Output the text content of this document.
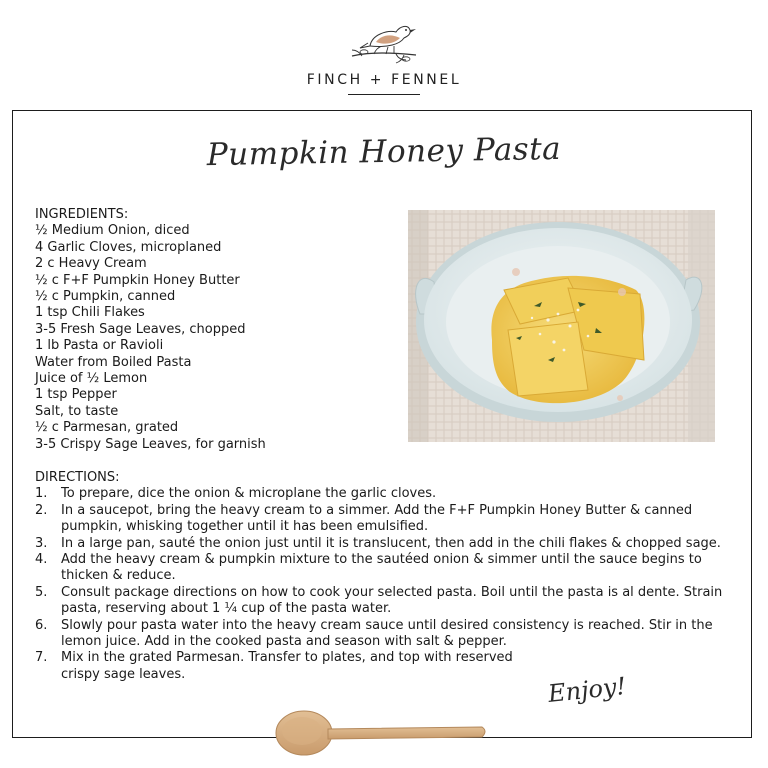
FINCH + FENNEL
Pumpkin Honey Pasta
INGREDIENTS:
½ Medium Onion, diced
4 Garlic Cloves, microplaned
2 c Heavy Cream
½ c F+F Pumpkin Honey Butter
½ c Pumpkin, canned
1 tsp Chili Flakes
3-5 Fresh Sage Leaves, chopped
1 lb Pasta or Ravioli
Water from Boiled Pasta
Juice of ½ Lemon
1 tsp Pepper
Salt, to taste
½ c Parmesan, grated
3-5 Crispy Sage Leaves, for garnish
DIRECTIONS:
1.	To prepare, dice the onion & microplane the garlic cloves.
2.	In a saucepot, bring the heavy cream to a simmer. Add the F+F Pumpkin Honey Butter & canned pumpkin, whisking together until it has been emulsified.
3.	In a large pan, sauté the onion just until it is translucent, then add in the chili flakes & chopped sage.
4.	Add the heavy cream & pumpkin mixture to the sautéed onion & simmer until the sauce begins to thicken & reduce.
5.	Consult package directions on how to cook your selected pasta. Boil until the pasta is al dente. Strain pasta, reserving about 1 ¼ cup of the pasta water.
6.	Slowly pour pasta water into the heavy cream sauce until desired consistency is reached. Stir in the lemon juice. Add in the cooked pasta and season with salt & pepper.
7.	Mix in the grated Parmesan. Transfer to plates, and top with reserved crispy sage leaves.	Enjoy!
